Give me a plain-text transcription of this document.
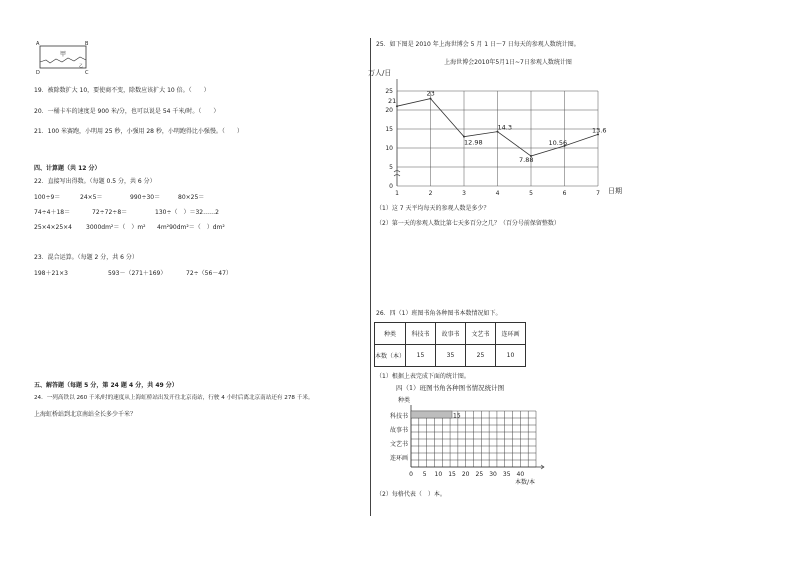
A	B
D	C
甲
乙
19．被除数扩大 10，要使商不变，除数应该扩大 10 倍。（　　）
20．一桶卡车的速度是 900 米/分，也可以说是 54 千米/时。（　　）
21．100 米赛跑，小明用 25 秒，小强用 28 秒，小明跑得比小强慢。（　　）
四、计算题（共 12 分）
22．直接写出得数。（每题 0.5 分，共 6 分）
100÷9＝	24×5＝	990÷30＝	80×25＝
74÷4＋18＝	72÷72÷8＝	130÷（　）＝32……2
25×4×25×4 3000dm²＝（　）m² 4m²90dm²＝（　）dm²
23．混合运算。（每题 2 分，共 6 分）
198＋21×3	593－（271＋169）	72÷（56－47）
五、解答题（每题 5 分，第 24 题 4 分，共 49 分）
24．一列高铁以 260 千米/时的速度从上海虹桥站出发开往北京南站，行驶 4 小时后离北京南站还有 278 千米。
上海虹桥站到北京南站全长多少千米？
25．如下图是 2010 年上海世博会 5 月 1 日～7 日每天的参观人数统计图。
上海世博会2010年5月1日~7日参观人数统计图
万人/日
日期
0
5
10
15
20
25
1	2	3	4	5	6	7
21
23
12.98
14.3
7.88
10.56
13.6
（1）这 7 天平均每天的参观人数是多少？
（2）第一天的参观人数比第七天多百分之几？（百分号前保留整数）
26．四（1）班图书角各种图书本数情况如下。
种类	科技书	故事书	文艺书	连环画
本数（本）	15	35	25	10
（1）根据上表完成下面的统计图。
四（1）班图书角各种图书情况统计图
种类
本数/本
0 5 10 15 20 25 30 35 40
科技书
故事书
文艺书
连环画
15
（2）每格代表（　）本。
